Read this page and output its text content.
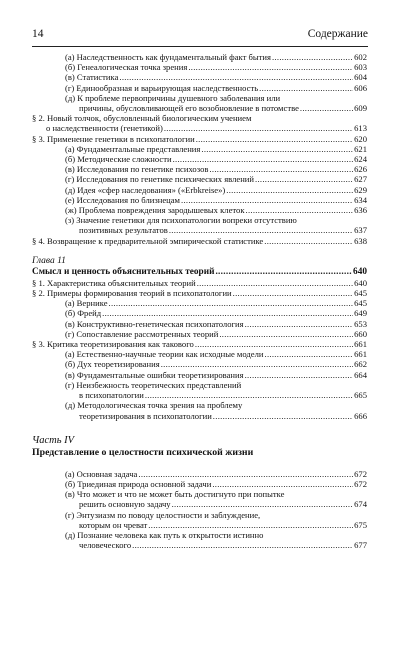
14	Содержание
(а) Наследственность как фундаментальный факт бытия .....	602
(б) Генеалогическая точка зрения .....	603
(в) Статистика .....	604
(г) Единообразная и варьирующая наследственность .....	606
(д) К проблеме первопричины душевного заболевания или
причины, обусловливающей его возобновление в потомстве .....	609
§ 2. Новый толчок, обусловленный биологическим учением
о наследственности (генетикой) .....	613
§ 3. Применение генетики в психопатологии .....	620
(а) Фундаментальные представления .....	621
(б) Методические сложности .....	624
(в) Исследования по генетике психозов .....	626
(г) Исследования по генетике психических явлений .....	627
(д) Идея «сфер наследования» («Erbkreise») .....	629
(е) Исследования по близнецам .....	634
(ж) Проблема повреждения зародышевых клеток .....	636
(з) Значение генетики для психопатологии вопреки отсутствию
позитивных результатов .....	637
§ 4. Возвращение к предварительной эмпирической статистике .....	638
Глава 11
Смысл и ценность объяснительных теорий .....	640
§ 1. Характеристика объяснительных теорий .....	640
§ 2. Примеры формирования теорий в психопатологии .....	645
(а) Вернике .....	645
(б) Фрейд .....	649
(в) Конструктивно-генетическая психопатология .....	653
(г) Сопоставление рассмотренных теорий .....	660
§ 3. Критика теоретизирования как такового .....	661
(а) Естественно-научные теории как исходные модели .....	661
(б) Дух теоретизирования .....	662
(в) Фундаментальные ошибки теоретизирования .....	664
(г) Неизбежность теоретических представлений
в психопатологии .....	665
(д) Методологическая точка зрения на проблему
теоретизирования в психопатологии .....	666
Часть IV
Представление о целостности психической жизни
(а) Основная задача .....	672
(б) Триединая природа основной задачи .....	672
(в) Что может и что не может быть достигнуто при попытке
решить основную задачу .....	674
(г) Энтузиазм по поводу целостности и заблуждение,
которым он чреват .....	675
(д) Познание человека как путь к открытости истинно
человеческого .....	677
